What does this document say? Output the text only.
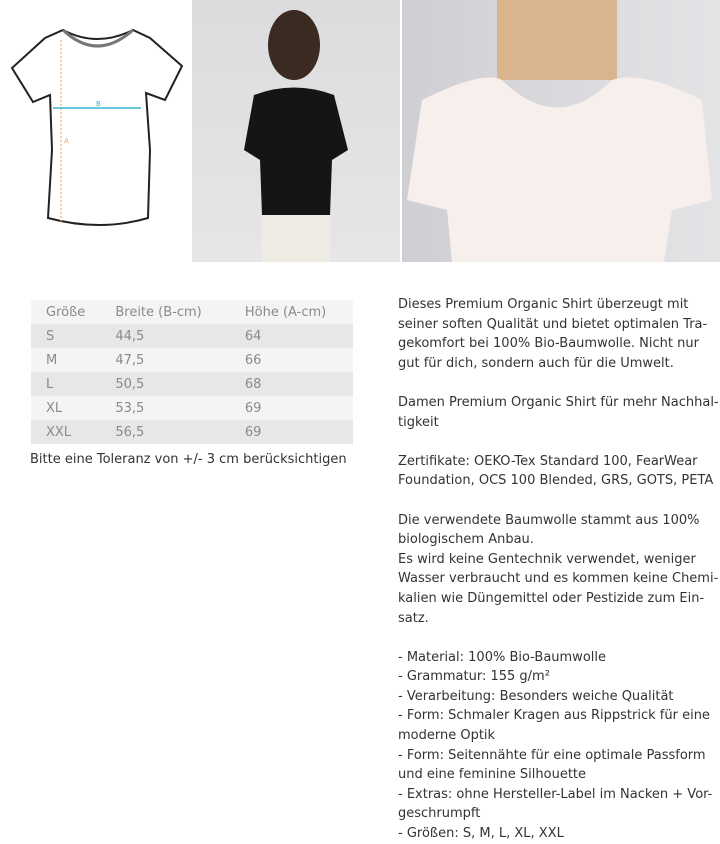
B
A
Größe	Breite (B-cm)	Höhe (A-cm)
S	44,5	64
M	47,5	66
L	50,5	68
XL	53,5	69
XXL	56,5	69
Bitte eine Toleranz von +/- 3 cm berücksichtigen
Dieses Premium Organic Shirt überzeugt mit
seiner soften Qualität und bietet optimalen Tra-
gekomfort bei 100% Bio-Baumwolle. Nicht nur
gut für dich, sondern auch für die Umwelt.
Damen Premium Organic Shirt für mehr Nachhal-
tigkeit
Zertifikate: OEKO-Tex Standard 100, FearWear
Foundation, OCS 100 Blended, GRS, GOTS, PETA
Die verwendete Baumwolle stammt aus 100%
biologischem Anbau.
Es wird keine Gentechnik verwendet, weniger
Wasser verbraucht und es kommen keine Chemi-
kalien wie Düngemittel oder Pestizide zum Ein-
satz.
- Material: 100% Bio-Baumwolle
- Grammatur: 155 g/m²
- Verarbeitung: Besonders weiche Qualität
- Form: Schmaler Kragen aus Rippstrick für eine
moderne Optik
- Form: Seitennähte für eine optimale Passform
und eine feminine Silhouette
- Extras: ohne Hersteller-Label im Nacken + Vor-
geschrumpft
- Größen: S, M, L, XL, XXL
